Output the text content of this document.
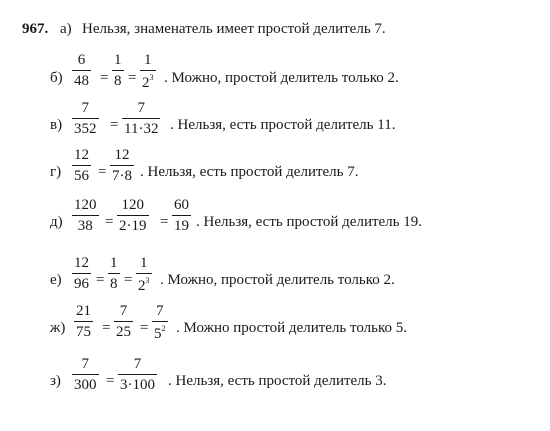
967. а) Нельзя, знаменатель имеет простой делитель 7.
б)
6
48 =
1
8 =
1
$2^3$ . Можно, простой делитель только 2.
в)
7
352 =
7
11·32 . Нельзя, есть простой делитель 11.
г)
12
56 =
12
7·8 . Нельзя, есть простой делитель 7.
д)
120
38 =
120
2·19 =
60
19 . Нельзя, есть простой делитель 19.
е)
12
96 =
1
8 =
1
$2^3$ . Можно, простой делитель только 2.
ж)
21
75 =
7
25 =
7
$5^2$ . Можно простой делитель только 5.
з)
7
300 =
7
3·100 . Нельзя, есть простой делитель 3.
